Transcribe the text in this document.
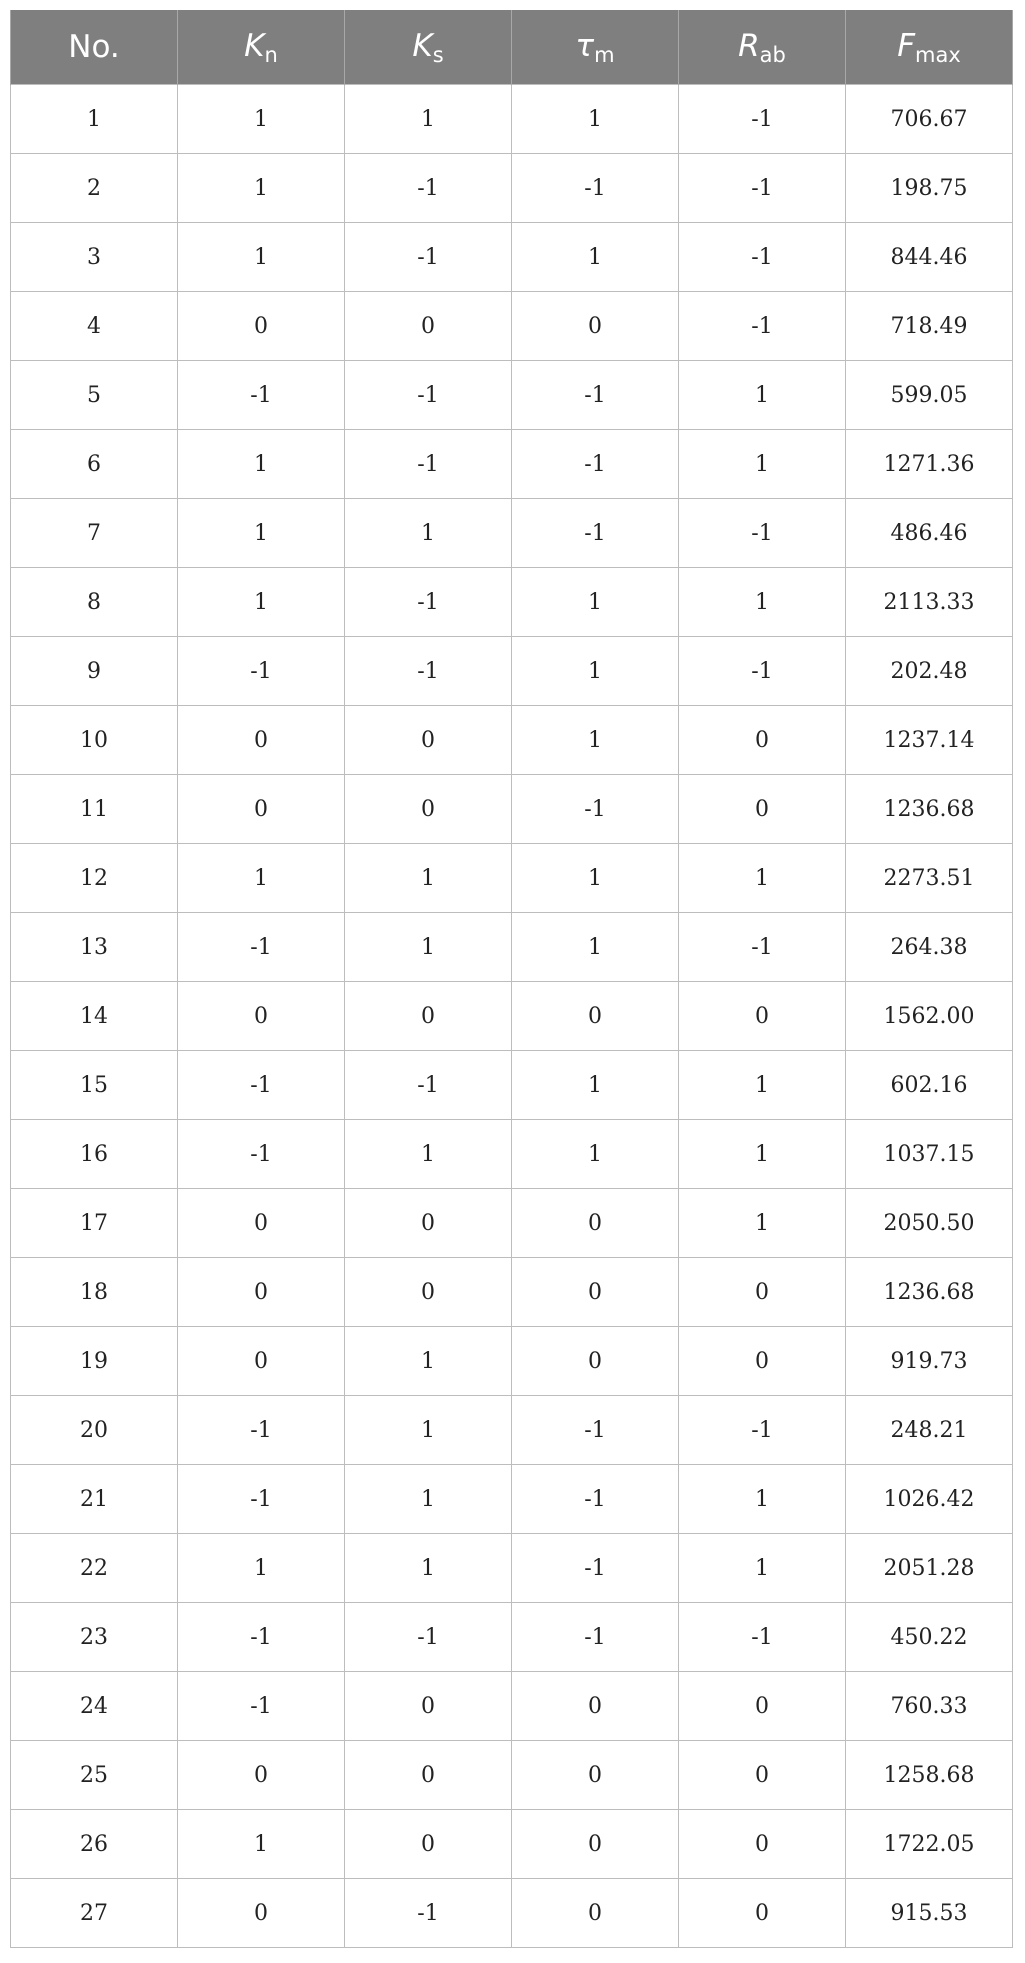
No.	$K_n$	$K_s$	$\tau_m$	$R_{ab}$	$F_{max}$
1	1	1	1	-1	706.67
2	1	-1	-1	-1	198.75
3	1	-1	1	-1	844.46
4	0	0	0	-1	718.49
5	-1	-1	-1	1	599.05
6	1	-1	-1	1	1271.36
7	1	1	-1	-1	486.46
8	1	-1	1	1	2113.33
9	-1	-1	1	-1	202.48
10	0	0	1	0	1237.14
11	0	0	-1	0	1236.68
12	1	1	1	1	2273.51
13	-1	1	1	-1	264.38
14	0	0	0	0	1562.00
15	-1	-1	1	1	602.16
16	-1	1	1	1	1037.15
17	0	0	0	1	2050.50
18	0	0	0	0	1236.68
19	0	1	0	0	919.73
20	-1	1	-1	-1	248.21
21	-1	1	-1	1	1026.42
22	1	1	-1	1	2051.28
23	-1	-1	-1	-1	450.22
24	-1	0	0	0	760.33
25	0	0	0	0	1258.68
26	1	0	0	0	1722.05
27	0	-1	0	0	915.53
